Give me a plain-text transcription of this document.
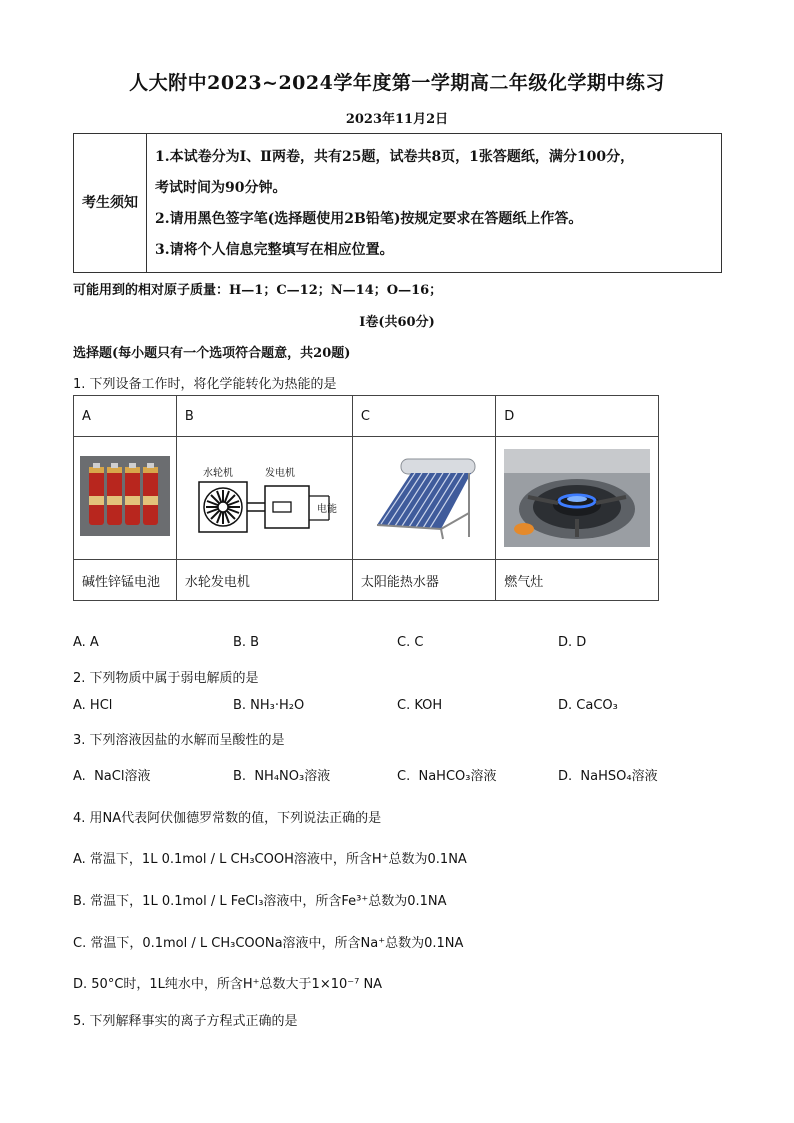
人大附中2023~2024学年度第一学期高二年级化学期中练习
2023年11月2日
考生须知	
1.本试卷分为Ⅰ、Ⅱ两卷，共有25题，试卷共8页，1张答题纸，满分100分，
考试时间为90分钟。
2.请用黑色签字笔(选择题使用2B铅笔)按规定要求在答题纸上作答。
3.请将个人信息完整填写在相应位置。
可能用到的相对原子质量：H—1；C—12；N—14；O—16；
Ⅰ卷(共60分)
选择题(每小题只有一个选项符合题意，共20题)
1. 下列设备工作时，将化学能转化为热能的是
A	B	C	D

水轮机 发电机
电能

碱性锌锰电池	水轮发电机	太阳能热水器	燃气灶
A. A	B. B	C. C	D. D
2. 下列物质中属于弱电解质的是
A. HCl	B. NH₃·H₂O	C. KOH	D. CaCO₃
3. 下列溶液因盐的水解而呈酸性的是
A. NaCl溶液	B. NH₄NO₃溶液	C. NaHCO₃溶液	D. NaHSO₄溶液
4. 用NA代表阿伏伽德罗常数的值，下列说法正确的是
A. 常温下，1L 0.1mol / L CH₃COOH溶液中，所含H⁺总数为0.1NA
B. 常温下，1L 0.1mol / L FeCl₃溶液中，所含Fe³⁺总数为0.1NA
C. 常温下，0.1mol / L CH₃COONa溶液中，所含Na⁺总数为0.1NA
D. 50°C时，1L纯水中，所含H⁺总数大于1×10⁻⁷ NA
5. 下列解释事实的离子方程式正确的是
